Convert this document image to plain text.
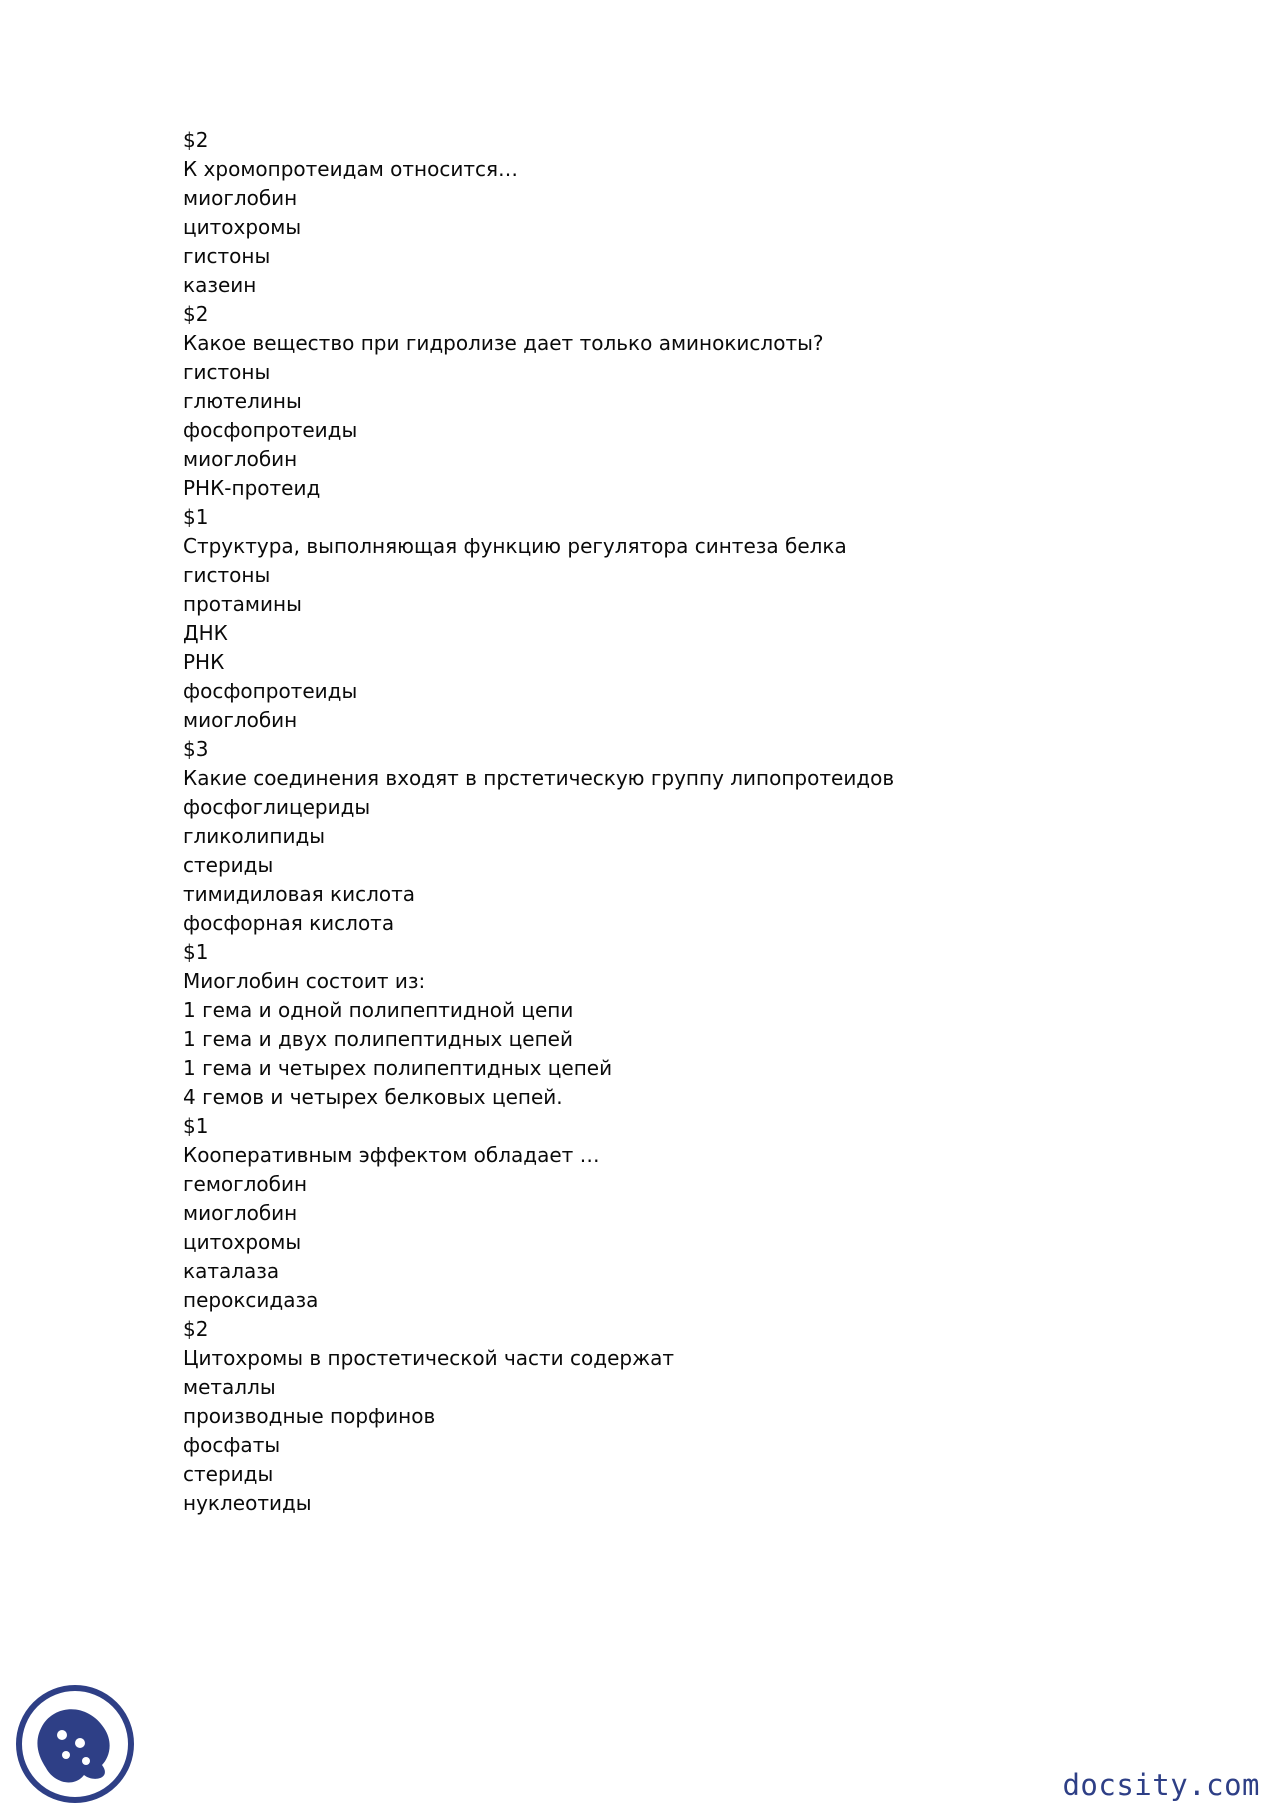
$2
К хромопротеидам относится…
миоглобин
цитохромы
гистоны
казеин
$2
Какое вещество при гидролизе дает только аминокислоты?
гистоны
глютелины
фосфопротеиды
миоглобин
РНК-протеид
$1
Структура, выполняющая функцию регулятора синтеза белка
гистоны
протамины
ДНК
РНК
фосфопротеиды
миоглобин
$3
Какие соединения входят в прстетическую группу липопротеидов
фосфоглицериды
гликолипиды
стериды
тимидиловая кислота
фосфорная кислота
$1
Миоглобин состоит из:
1 гема и одной полипептидной цепи
1 гема и двух полипептидных цепей
1 гема и четырех полипептидных цепей
4 гемов и четырех белковых цепей.
$1
Кооперативным эффектом обладает …
гемоглобин
миоглобин
цитохромы
каталаза
пероксидаза
$2
Цитохромы в простетической части содержат
металлы
производные порфинов
фосфаты
стериды
нуклеотиды
docsity.com
